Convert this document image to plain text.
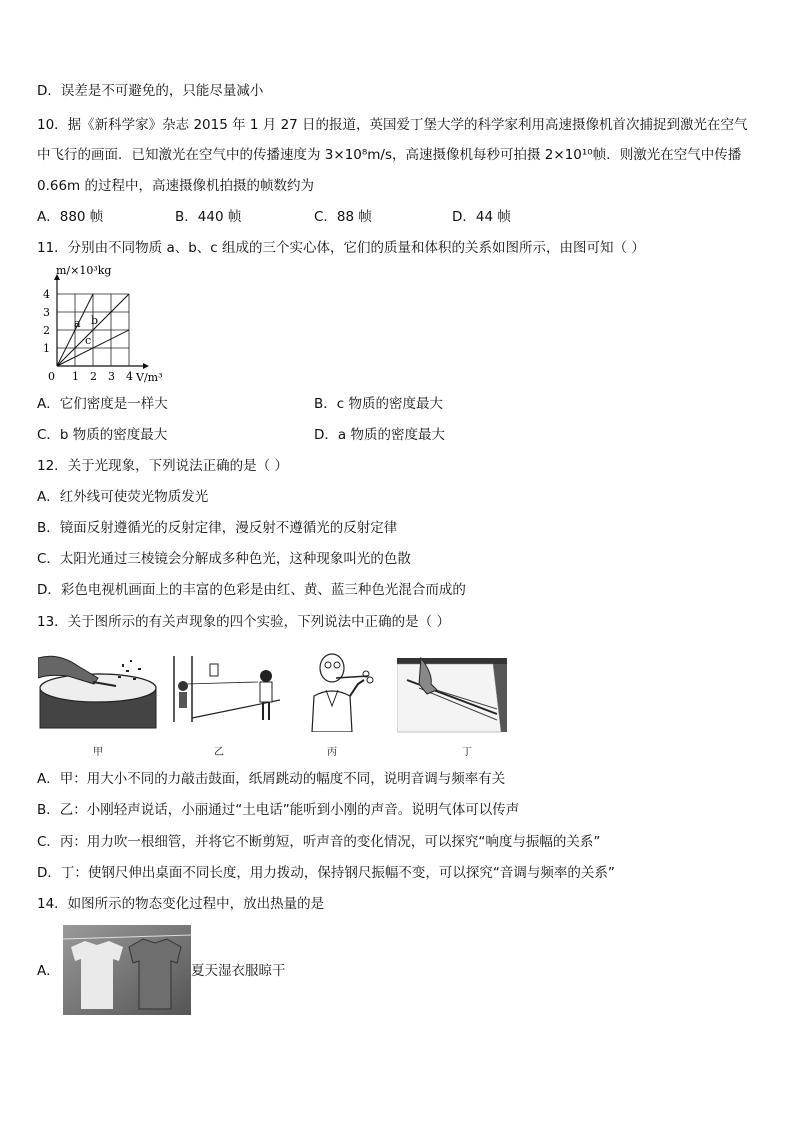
D．误差是不可避免的，只能尽量减小
10．据《新科学家》杂志 2015 年 1 月 27 日的报道，英国爱丁堡大学的科学家利用高速摄像机首次捕捉到激光在空气
中飞行的画面．已知激光在空气中的传播速度为 3×10⁸m/s，高速摄像机每秒可拍摄 2×10¹⁰帧．则激光在空气中传播
0.66m 的过程中，高速摄像机拍摄的帧数约为
A．880 帧	B．440 帧	C．88 帧	D．44 帧
11．分别由不同物质 a、b、c 组成的三个实心体，它们的质量和体积的关系如图所示，由图可知（ ）
a b
c
0 1 2 3 4
1
2
3
4
m/×10³kg
V/m³
A．它们密度是一样大	B．c 物质的密度最大
C．b 物质的密度最大	D．a 物质的密度最大
12．关于光现象，下列说法正确的是（ ）
A．红外线可使荧光物质发光
B．镜面反射遵循光的反射定律，漫反射不遵循光的反射定律
C．太阳光通过三棱镜会分解成多种色光，这种现象叫光的色散
D．彩色电视机画面上的丰富的色彩是由红、黄、蓝三种色光混合而成的
13．关于图所示的有关声现象的四个实验，下列说法中正确的是（ ）
甲	乙	丙	丁
A．甲：用大小不同的力敲击鼓面，纸屑跳动的幅度不同，说明音调与频率有关
B．乙：小刚轻声说话，小丽通过“土电话”能听到小刚的声音。说明气体可以传声
C．丙：用力吹一根细管，并将它不断剪短，听声音的变化情况，可以探究“响度与振幅的关系”
D．丁：使钢尺伸出桌面不同长度，用力拨动，保持钢尺振幅不变，可以探究“音调与频率的关系”
14．如图所示的物态变化过程中，放出热量的是
A．	夏天湿衣服晾干
